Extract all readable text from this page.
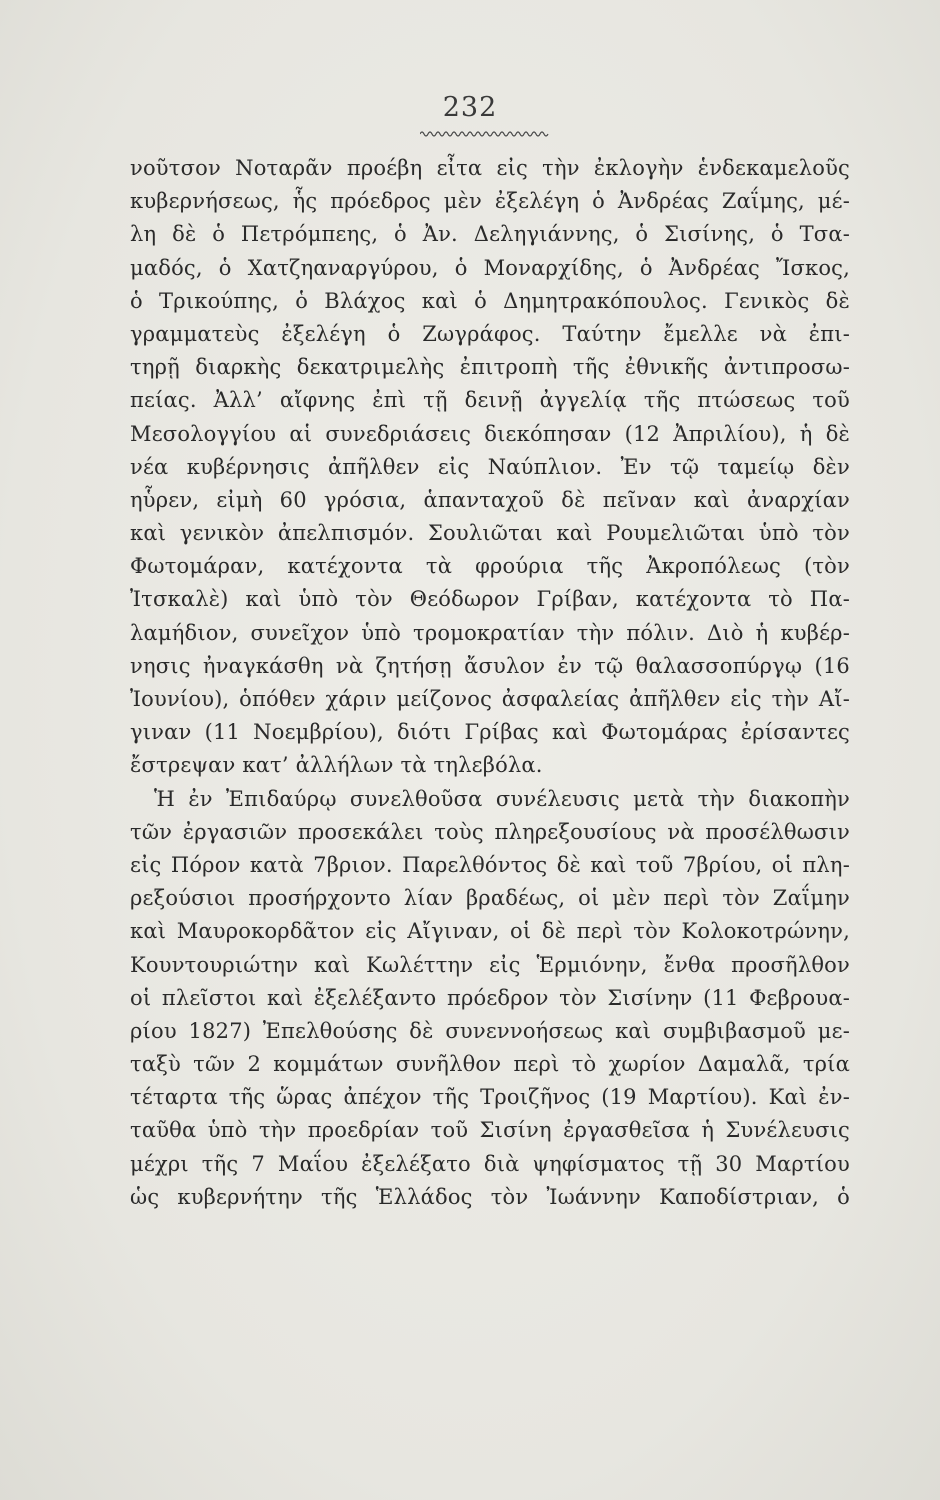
232
νοῦτσον Νοταρᾶν προέβη εἶτα εἰς τὴν ἐκλογὴν ἑνδεκαμελοῦς
κυβερνήσεως, ἧς πρόεδρος μὲν ἐξελέγη ὁ Ἀνδρέας Ζαΐμης, μέ-
λη δὲ ὁ Πετρόμπεης, ὁ Ἀν. Δεληγιάννης, ὁ Σισίνης, ὁ Τσα-
μαδός, ὁ Χατζηαναργύρου, ὁ Μοναρχίδης, ὁ Ἀνδρέας Ἴσκος,
ὁ Τρικούπης, ὁ Βλάχος καὶ ὁ Δημητρακόπουλος. Γενικὸς δὲ
γραμματεὺς ἐξελέγη ὁ Ζωγράφος. Ταύτην ἔμελλε νὰ ἐπι-
τηρῇ διαρκὴς δεκατριμελὴς ἐπιτροπὴ τῆς ἐθνικῆς ἀντιπροσω-
πείας. Ἀλλ’ αἴφνης ἐπὶ τῇ δεινῇ ἀγγελίᾳ τῆς πτώσεως τοῦ
Μεσολογγίου αἱ συνεδριάσεις διεκόπησαν (12 Ἀπριλίου), ἡ δὲ
νέα κυβέρνησις ἀπῆλθεν εἰς Ναύπλιον. Ἐν τῷ ταμείῳ δὲν
ηὗρεν, εἰμὴ 60 γρόσια, ἁπανταχοῦ δὲ πεῖναν καὶ ἀναρχίαν
καὶ γενικὸν ἀπελπισμόν. Σουλιῶται καὶ Ρουμελιῶται ὑπὸ τὸν
Φωτομάραν, κατέχοντα τὰ φρούρια τῆς Ἀκροπόλεως (τὸν
Ἰτσκαλὲ) καὶ ὑπὸ τὸν Θεόδωρον Γρίβαν, κατέχοντα τὸ Πα-
λαμήδιον, συνεῖχον ὑπὸ τρομοκρατίαν τὴν πόλιν. Διὸ ἡ κυβέρ-
νησις ἠναγκάσθη νὰ ζητήσῃ ἄσυλον ἐν τῷ θαλασσοπύργῳ (16
Ἰουνίου), ὁπόθεν χάριν μείζονος ἀσφαλείας ἀπῆλθεν εἰς τὴν Αἴ-
γιναν (11 Νοεμβρίου), διότι Γρίβας καὶ Φωτομάρας ἐρίσαντες
ἔστρεψαν κατ’ ἀλλήλων τὰ τηλεβόλα.
Ἡ ἐν Ἐπιδαύρῳ συνελθοῦσα συνέλευσις μετὰ τὴν διακοπὴν
τῶν ἐργασιῶν προσεκάλει τοὺς πληρεξουσίους νὰ προσέλθωσιν
εἰς Πόρον κατὰ 7βριον. Παρελθόντος δὲ καὶ τοῦ 7βρίου, οἱ πλη-
ρεξούσιοι προσήρχοντο λίαν βραδέως, οἱ μὲν περὶ τὸν Ζαΐμην
καὶ Μαυροκορδᾶτον εἰς Αἴγιναν, οἱ δὲ περὶ τὸν Κολοκοτρώνην,
Κουντουριώτην καὶ Κωλέττην εἰς Ἑρμιόνην, ἔνθα προσῆλθον
οἱ πλεῖστοι καὶ ἐξελέξαντο πρόεδρον τὸν Σισίνην (11 Φεβρουα-
ρίου 1827) Ἐπελθούσης δὲ συνεννοήσεως καὶ συμβιβασμοῦ με-
ταξὺ τῶν 2 κομμάτων συνῆλθον περὶ τὸ χωρίον Δαμαλᾶ, τρία
τέταρτα τῆς ὥρας ἀπέχον τῆς Τροιζῆνος (19 Μαρτίου). Καὶ ἐν-
ταῦθα ὑπὸ τὴν προεδρίαν τοῦ Σισίνη ἐργασθεῖσα ἡ Συνέλευσις
μέχρι τῆς 7 Μαΐου ἐξελέξατο διὰ ψηφίσματος τῇ 30 Μαρτίου
ὡς κυβερνήτην τῆς Ἑλλάδος τὸν Ἰωάννην Καποδίστριαν, ὁ
